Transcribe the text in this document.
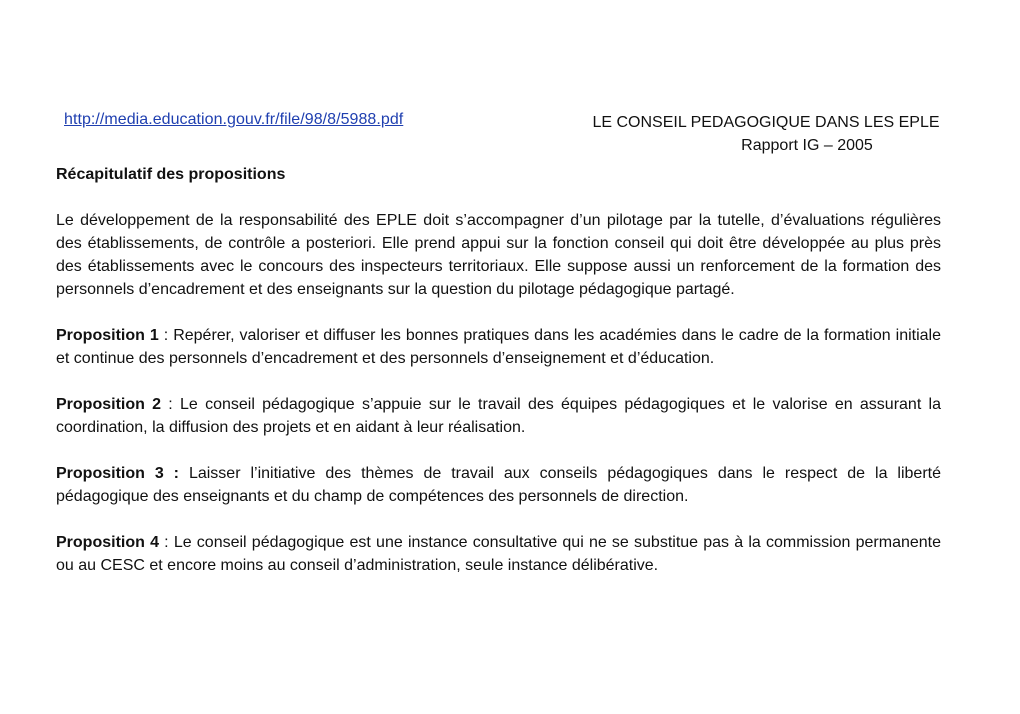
http://media.education.gouv.fr/file/98/8/5988.pdf	LE CONSEIL PEDAGOGIQUE DANS LES EPLE
Rapport IG – 2005

Récapitulatif des propositions

Le développement de la responsabilité des EPLE doit s’accompagner d’un pilotage par la tutelle, d’évaluations régulières des établissements, de contrôle a posteriori. Elle prend appui sur la fonction conseil qui doit être développée au plus près des établissements avec le concours des inspecteurs territoriaux. Elle suppose aussi un renforcement de la formation des personnels d’encadrement et des enseignants sur la question du pilotage pédagogique partagé.

Proposition 1 : Repérer, valoriser et diffuser les bonnes pratiques dans les académies dans le cadre de la formation initiale et continue des personnels d’encadrement et des personnels d’enseignement et d’éducation.

Proposition 2 : Le conseil pédagogique s’appuie sur le travail des équipes pédagogiques et le valorise en assurant la coordination, la diffusion des projets et en aidant à leur réalisation.

Proposition 3 : Laisser l’initiative des thèmes de travail aux conseils pédagogiques dans le respect de la liberté pédagogique des enseignants et du champ de compétences des personnels de direction.

Proposition 4 : Le conseil pédagogique est une instance consultative qui ne se substitue pas à la commission permanente ou au CESC et encore moins au conseil d’administration, seule instance délibérative.
